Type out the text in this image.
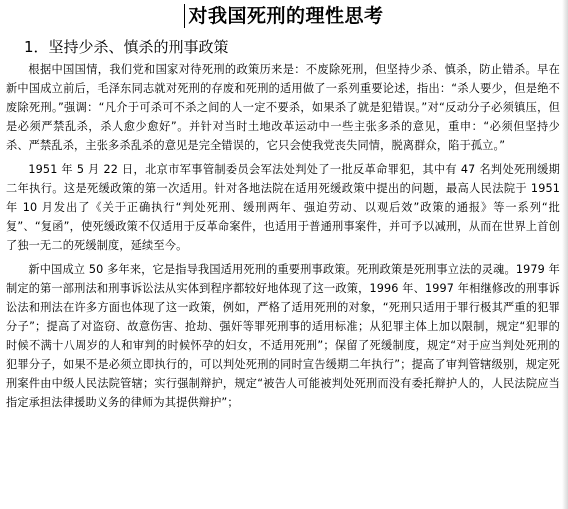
对我国死刑的理性思考
1．坚持少杀、慎杀的刑事政策

根据中国国情，我们党和国家对待死刑的政策历来是：不废除死刑，但坚持少杀、慎杀，防止错杀。早在新中国成立前后，毛泽东同志就对死刑的存废和死刑的适用做了一系列重要论述，指出：“杀人要少，但是绝不废除死刑。”强调：“凡介于可杀可不杀之间的人一定不要杀，如果杀了就是犯错误。”对“反动分子必须镇压，但是必须严禁乱杀，杀人愈少愈好”。并针对当时土地改革运动中一些主张多杀的意见，重申：“必须但坚持少杀、严禁乱杀，主张多杀乱杀的意见是完全错误的，它只会使我党丧失同情，脱离群众，陷于孤立。”

1951 年 5 月 22 日，北京市军事管制委员会军法处判处了一批反革命罪犯，其中有 47 名判处死刑缓期二年执行。这是死缓政策的第一次适用。针对各地法院在适用死缓政策中提出的问题，最高人民法院于 1951 年 10 月发出了《关于正确执行“判处死刑、缓刑两年、强迫劳动、以观后效”政策的通报》等一系列“批复”、“复函”，使死缓政策不仅适用于反革命案件，也适用于普通刑事案件，并可予以减刑，从而在世界上首创了独一无二的死缓制度，延续至今。

新中国成立 50 多年来，它是指导我国适用死刑的重要刑事政策。死刑政策是死刑事立法的灵魂。1979 年制定的第一部刑法和刑事诉讼法从实体到程序都较好地体现了这一政策，1996 年、1997 年相继修改的刑事诉讼法和刑法在许多方面也体现了这一政策，例如，严格了适用死刑的对象，“死刑只适用于罪行极其严重的犯罪分子”；提高了对盗窃、故意伤害、抢劫、强奸等罪死刑事的适用标准；从犯罪主体上加以限制，规定“犯罪的时候不满十八周岁的人和审判的时候怀孕的妇女，不适用死刑”；保留了死缓制度，规定“对于应当判处死刑的犯罪分子，如果不是必须立即执行的，可以判处死刑的同时宣告缓期二年执行”；提高了审判管辖级别，规定死刑案件由中级人民法院管辖；实行强制辩护，规定“被告人可能被判处死刑而没有委托辩护人的，人民法院应当指定承担法律援助义务的律师为其提供辩护”；
